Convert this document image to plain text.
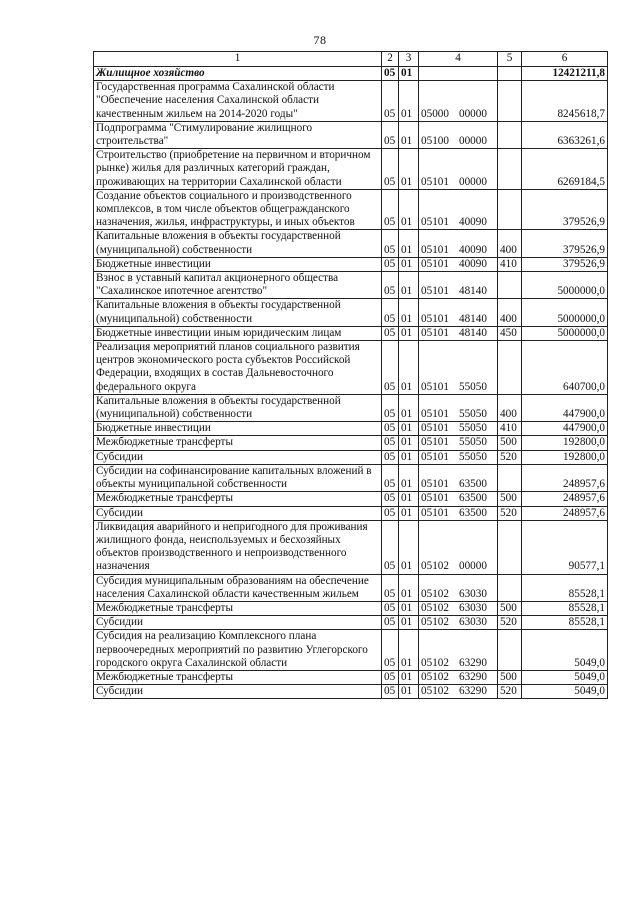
78
1	2	3	4	5	6
Жилищное хозяйство	05	01			12421211,8
Государственная программа Сахалинской области "Обеспечение населения Сахалинской области качественным жильем на 2014-2020 годы"	05	01	05000 00000		8245618,7
Подпрограмма "Стимулирование жилищного строительства"	05	01	05100 00000		6363261,6
Строительство (приобретение на первичном и вторичном рынке) жилья для различных категорий граждан, проживающих на территории Сахалинской области	05	01	05101 00000		6269184,5
Создание объектов социального и производственного комплексов, в том числе объектов общегражданского назначения, жилья, инфраструктуры, и иных объектов	05	01	05101 40090		379526,9
Капитальные вложения в объекты государственной (муниципальной) собственности	05	01	05101 40090	400	379526,9
Бюджетные инвестиции	05	01	05101 40090	410	379526,9
Взнос в уставный капитал акционерного общества "Сахалинское ипотечное агентство"	05	01	05101 48140		5000000,0
Капитальные вложения в объекты государственной (муниципальной) собственности	05	01	05101 48140	400	5000000,0
Бюджетные инвестиции иным юридическим лицам	05	01	05101 48140	450	5000000,0
Реализация мероприятий планов социального развития центров экономического роста субъектов Российской Федерации, входящих в состав Дальневосточного федерального округа	05	01	05101 55050		640700,0
Капитальные вложения в объекты государственной (муниципальной) собственности	05	01	05101 55050	400	447900,0
Бюджетные инвестиции	05	01	05101 55050	410	447900,0
Межбюджетные трансферты	05	01	05101 55050	500	192800,0
Субсидии	05	01	05101 55050	520	192800,0
Субсидии на софинансирование капитальных вложений в объекты муниципальной собственности	05	01	05101 63500		248957,6
Межбюджетные трансферты	05	01	05101 63500	500	248957,6
Субсидии	05	01	05101 63500	520	248957,6
Ликвидация аварийного и непригодного для проживания жилищного фонда, неиспользуемых и бесхозяйных объектов производственного и непроизводственного назначения	05	01	05102 00000		90577,1
Субсидия муниципальным образованиям на обеспечение населения Сахалинской области качественным жильем	05	01	05102 63030		85528,1
Межбюджетные трансферты	05	01	05102 63030	500	85528,1
Субсидии	05	01	05102 63030	520	85528,1
Субсидия на реализацию Комплексного плана первоочередных мероприятий по развитию Углегорского городского округа Сахалинской области	05	01	05102 63290		5049,0
Межбюджетные трансферты	05	01	05102 63290	500	5049,0
Субсидии	05	01	05102 63290	520	5049,0
